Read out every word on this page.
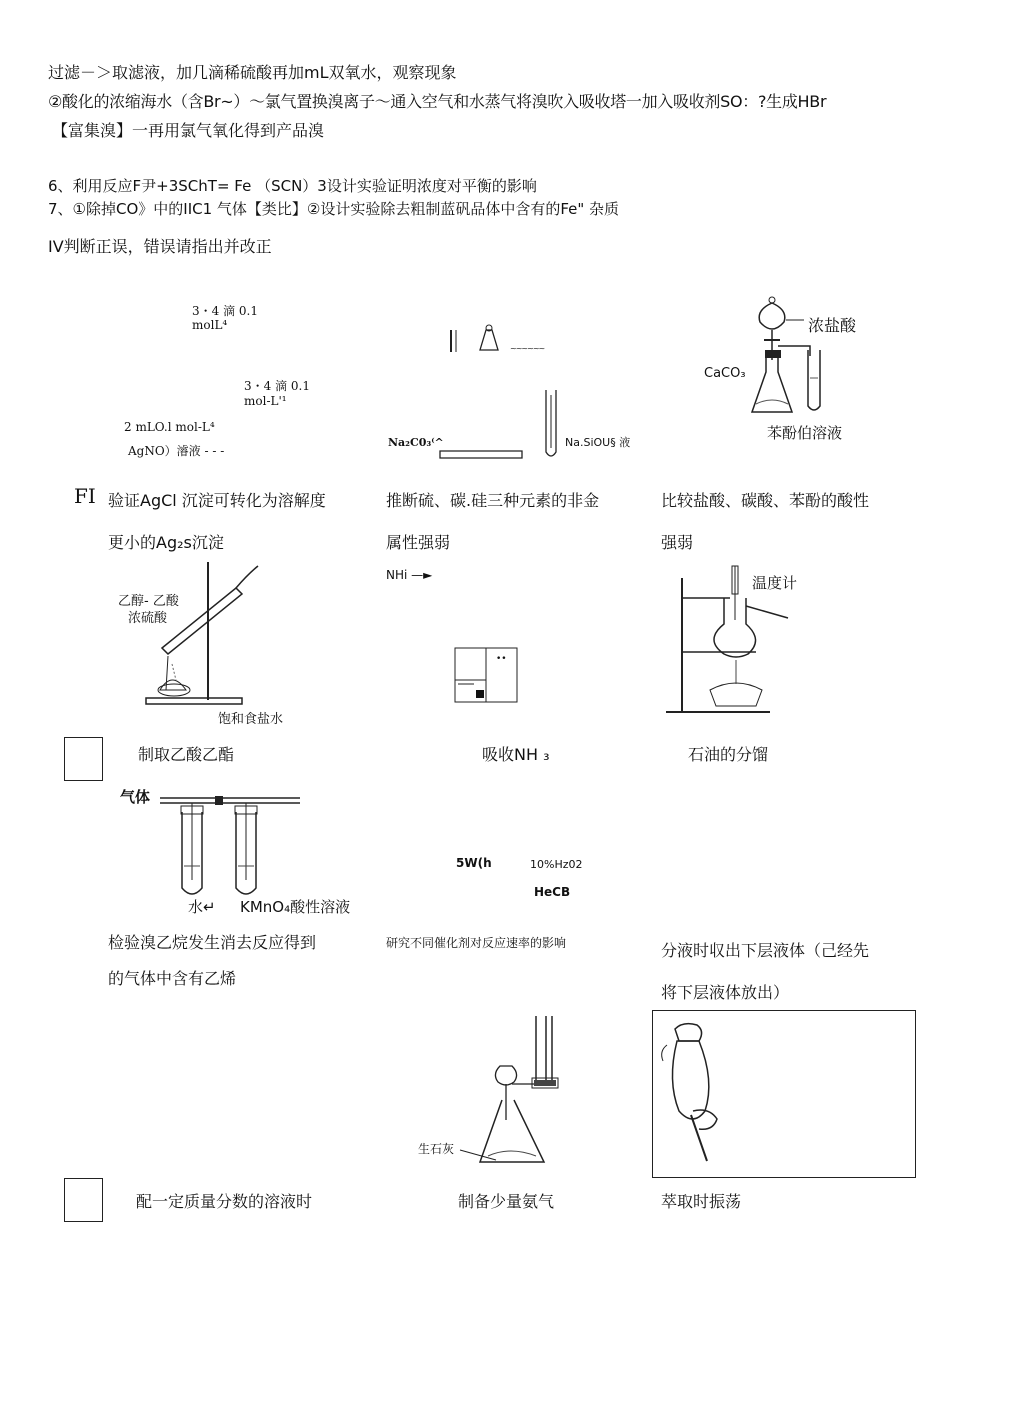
过滤－＞取滤液，加几滴稀硫酸再加mL双氧水，观察现象
②酸化的浓缩海水（含Br~）～氯气置换溴离子～通入空气和水蒸气将溴吹入吸收塔一加入吸收剂SO：?生成HBr
【富集溴】一再用氯气氧化得到产品溴
6、利用反应F尹+3SChT= Fe （SCN）3设计实验证明浓度对平衡的影响
7、①除掉CO》中的IIC1 气体【类比】②设计实验除去粗制蓝矾品体中含有的Fe" 杂质
IV判断正误，错误请指出并改正
3・4 滴 0.1
molL⁴
3・4 滴 0.1
mol-L'¹
2 mLO.l mol-L⁴
AgNO）濬液 - - -
~~~~~~
Na₂C0₃⁽^	Na.SiOU§ 液
浓盐酸
CaCO₃
苯酚伯溶液
FI 验证AgCl 沉淀可转化为溶解度
更小的Ag₂s沉淀
推断硫、碳.硅三种元素的非金
属性强弱
比较盐酸、碳酸、苯酚的酸性
强弱
乙醇- 乙酸
浓硫酸
饱和食盐水
NHi —►
••
温度计
制取乙酸乙酯	吸收NH ₃	石油的分馏
气体
水↵ KMnO₄酸性溶液
5W(h	10%Hz02
HeCB
检验溴乙烷发生消去反应得到
的气体中含有乙烯
研究不同催化剂对反应速率的影响	分液时収出下层液体（己经先
将下层液体放出）
生石灰
配一定质量分数的溶液时	制备少量氨气	萃取时振荡
